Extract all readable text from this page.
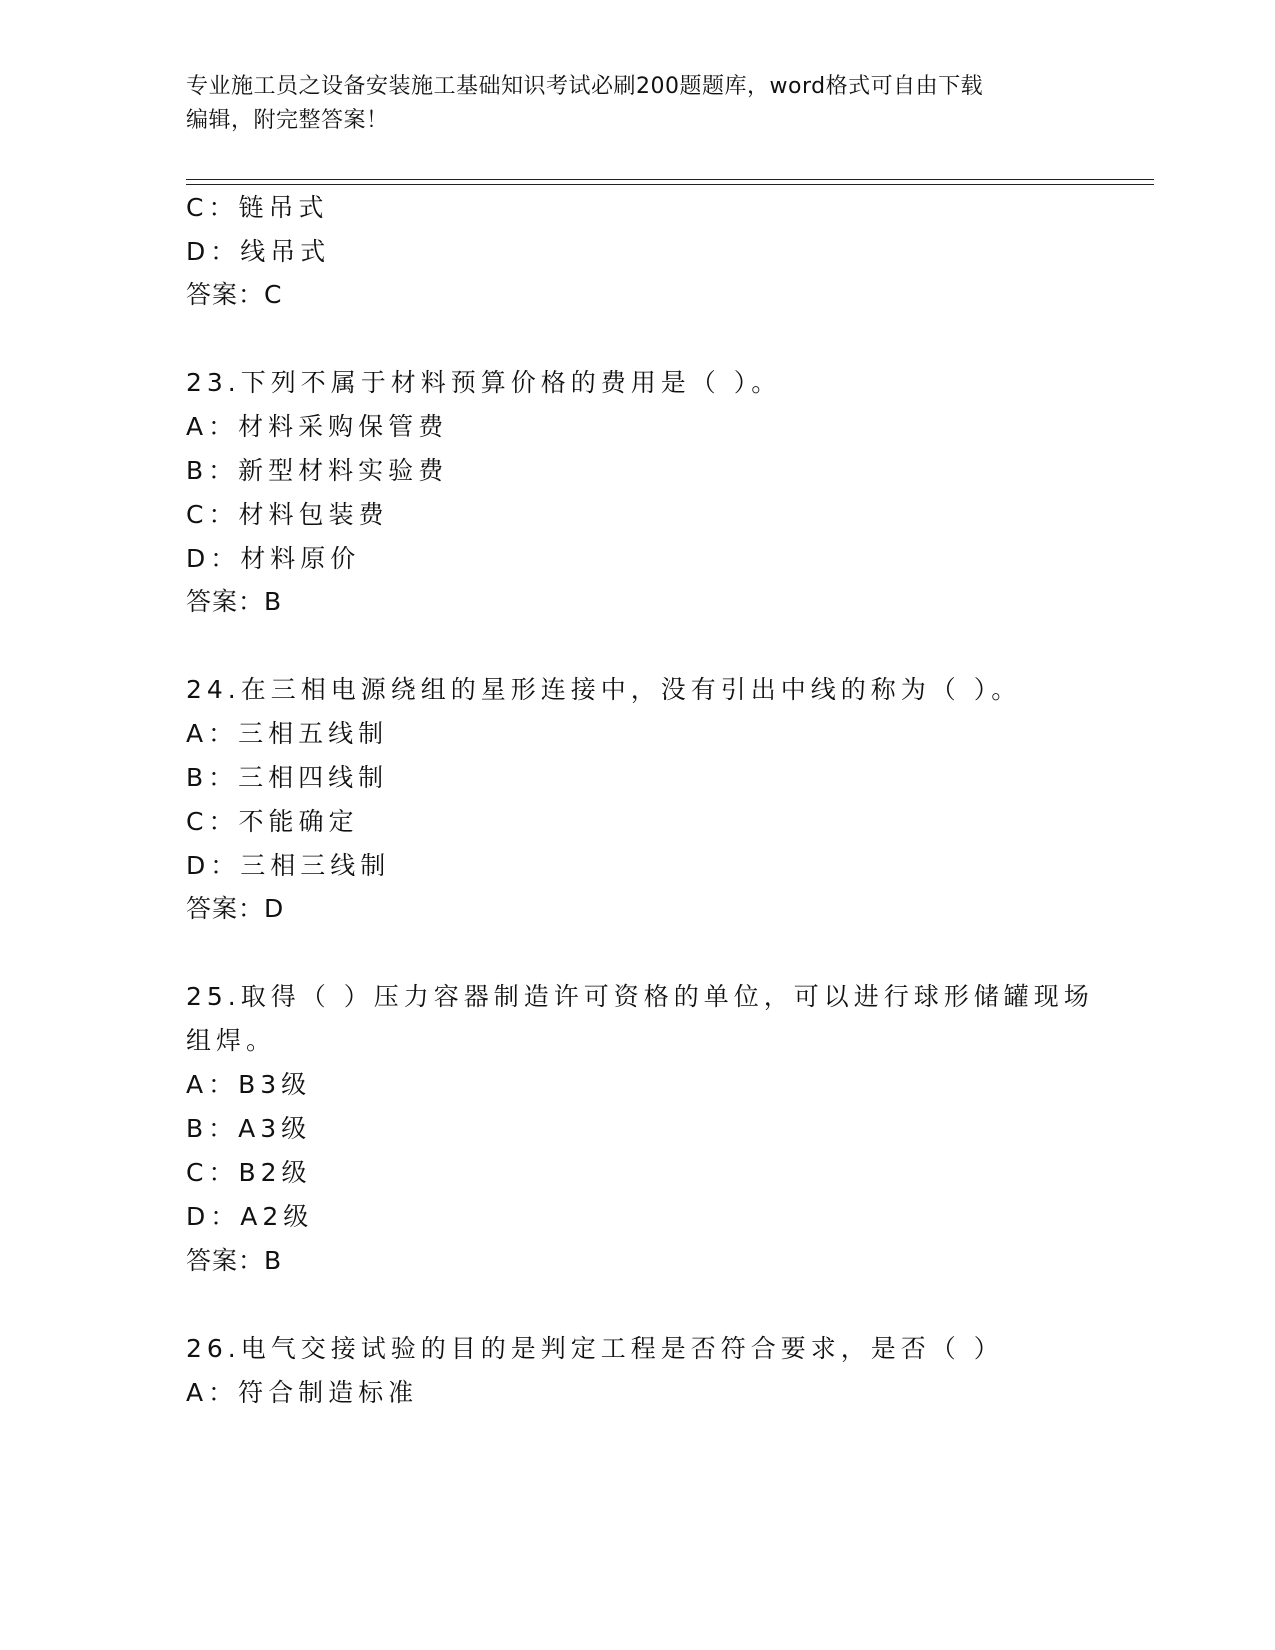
专业施工员之设备安装施工基础知识考试必刷200题题库，word格式可自由下载
编辑，附完整答案！
C：链吊式
D：线吊式
答案：C
23.下列不属于材料预算价格的费用是（ ）。
A：材料采购保管费
B：新型材料实验费
C：材料包装费
D：材料原价
答案：B
24.在三相电源绕组的星形连接中，没有引出中线的称为（ ）。
A：三相五线制
B：三相四线制
C：不能确定
D：三相三线制
答案：D
25.取得（ ）压力容器制造许可资格的单位，可以进行球形储罐现场
组焊。
A：B3级
B：A3级
C：B2级
D：A2级
答案：B
26.电气交接试验的目的是判定工程是否符合要求，是否（ ）
A：符合制造标准
